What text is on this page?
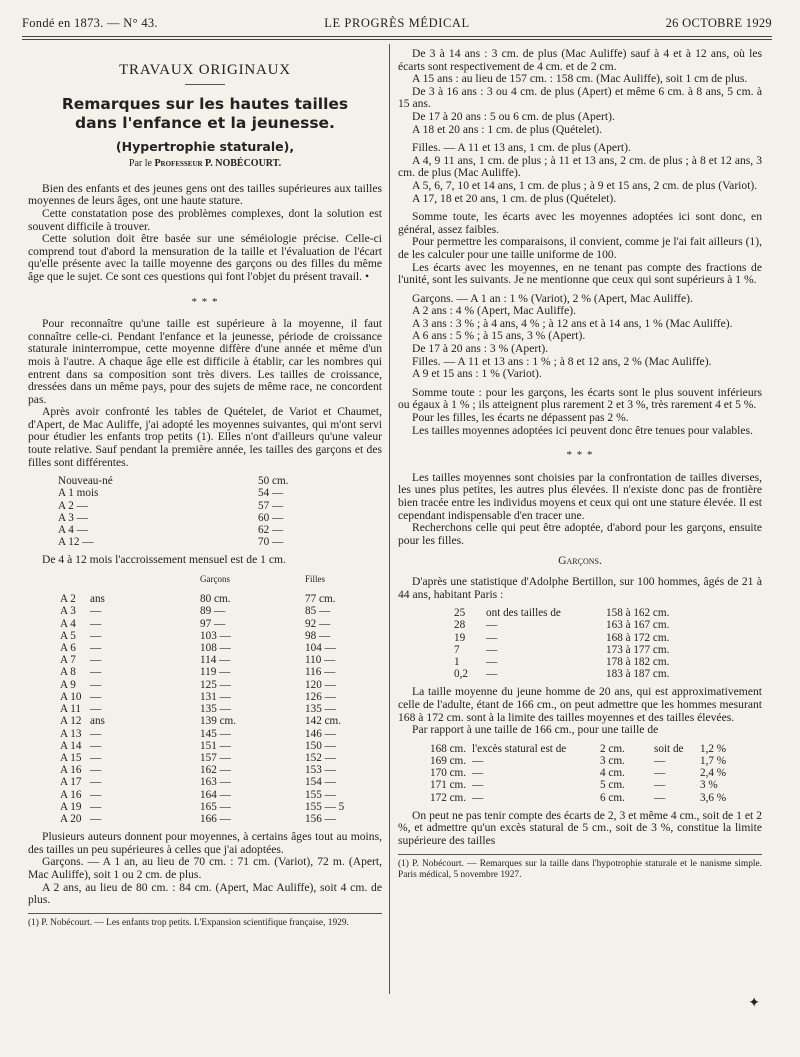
Fondé en 1873. — N° 43.	LE PROGRÈS MÉDICAL	26 OCTOBRE 1929
TRAVAUX ORIGINAUX
Remarques sur les hautes tailles
dans l'enfance et la jeunesse.
(Hypertrophie staturale),
Par le Professeur P. NOBÉCOURT.

Bien des enfants et des jeunes gens ont des tailles supérieures aux tailles moyennes de leurs âges, ont une haute stature.

Cette constatation pose des problèmes complexes, dont la solution est souvent difficile à trouver.

Cette solution doit être basée sur une séméiologie précise. Celle-ci comprend tout d'abord la mensuration de la taille et l'évaluation de l'écart qu'elle présente avec la taille moyenne des garçons ou des filles du même âge que le sujet. Ce sont ces questions qui font l'objet du présent travail. •

* * *

Pour reconnaître qu'une taille est supérieure à la moyenne, il faut connaître celle-ci. Pendant l'enfance et la jeunesse, période de croissance staturale ininterrompue, cette moyenne diffère d'une année et même d'un mois à l'autre. A chaque âge elle est difficile à établir, car les nombres qui entrent dans sa composition sont très divers. Les tailles de croissance, dressées dans un même pays, pour des sujets de même race, ne concordent pas.

Après avoir confronté les tables de Quételet, de Variot et Chaumet, d'Apert, de Mac Auliffe, j'ai adopté les moyennes suivantes, qui m'ont servi pour étudier les enfants trop petits (1). Elles n'ont d'ailleurs qu'une valeur toute relative. Sauf pendant la première année, les tailles des garçons et des filles sont différentes.

Nouveau-né	50 cm.
A 1 mois	54 —
A 2 —	57 —
A 3 —	60 —
A 4 —	62 —
A 12 —	70 —

De 4 à 12 mois l'accroissement mensuel est de 1 cm.

		Garçons	Filles
A 2	ans	80 cm.	77 cm.
A 3	—	89 —	85 —
A 4	—	97 —	92 —
A 5	—	103 —	98 —
A 6	—	108 —	104 —
A 7	—	114 —	110 —
A 8	—	119 —	116 —
A 9	—	125 —	120 —
A 10	—	131 —	126 —
A 11	—	135 —	135 —
A 12	ans	139 cm.	142 cm.
A 13	—	145 —	146 —
A 14	—	151 —	150 —
A 15	—	157 —	152 —
A 16	—	162 —	153 —
A 17	—	163 —	154 —
A 16	—	164 —	155 —
A 19	—	165 —	155 — 5
A 20	—	166 —	156 —

Plusieurs auteurs donnent pour moyennes, à certains âges tout au moins, des tailles un peu supérieures à celles que j'ai adoptées.

Garçons. — A 1 an, au lieu de 70 cm. : 71 cm. (Variot), 72 m. (Apert, Mac Auliffe), soit 1 ou 2 cm. de plus.

A 2 ans, au lieu de 80 cm. : 84 cm. (Apert, Mac Auliffe), soit 4 cm. de plus.

(1) P. Nobécourt. — Les enfants trop petits. L'Expansion scientifique française, 1929.

De 3 à 14 ans : 3 cm. de plus (Mac Auliffe) sauf à 4 et à 12 ans, où les écarts sont respectivement de 4 cm. et de 2 cm.

A 15 ans : au lieu de 157 cm. : 158 cm. (Mac Auliffe), soit 1 cm de plus.

De 3 à 16 ans : 3 ou 4 cm. de plus (Apert) et même 6 cm. à 8 ans, 5 cm. à 15 ans.

De 17 à 20 ans : 5 ou 6 cm. de plus (Apert).

A 18 et 20 ans : 1 cm. de plus (Quételet).

Filles. — A 11 et 13 ans, 1 cm. de plus (Apert).

A 4, 9 11 ans, 1 cm. de plus ; à 11 et 13 ans, 2 cm. de plus ; à 8 et 12 ans, 3 cm. de plus (Mac Auliffe).

A 5, 6, 7, 10 et 14 ans, 1 cm. de plus ; à 9 et 15 ans, 2 cm. de plus (Variot).

A 17, 18 et 20 ans, 1 cm. de plus (Quételet).

Somme toute, les écarts avec les moyennes adoptées ici sont donc, en général, assez faibles.

Pour permettre les comparaisons, il convient, comme je l'ai fait ailleurs (1), de les calculer pour une taille uniforme de 100.

Les écarts avec les moyennes, en ne tenant pas compte des fractions de l'unité, sont les suivants. Je ne mentionne que ceux qui sont supérieurs à 1 %.

Garçons. — A 1 an : 1 % (Variot), 2 % (Apert, Mac Auliffe).

A 2 ans : 4 % (Apert, Mac Auliffe).

A 3 ans : 3 % ; à 4 ans, 4 % ; à 12 ans et à 14 ans, 1 % (Mac Auliffe).

A 6 ans : 5 % ; à 15 ans, 3 % (Apert).

De 17 à 20 ans : 3 % (Apert).

Filles. — A 11 et 13 ans : 1 % ; à 8 et 12 ans, 2 % (Mac Auliffe).

A 9 et 15 ans : 1 % (Variot).

Somme toute : pour les garçons, les écarts sont le plus souvent inférieurs ou égaux à 1 % ; ils atteignent plus rarement 2 et 3 %, très rarement 4 et 5 %.

Pour les filles, les écarts ne dépassent pas 2 %.

Les tailles moyennes adoptées ici peuvent donc être tenues pour valables.

* * *

Les tailles moyennes sont choisies par la confrontation de tailles diverses, les unes plus petites, les autres plus élevées. Il n'existe donc pas de frontière bien tracée entre les individus moyens et ceux qui ont une stature élevée. Il est cependant indispensable d'en tracer une.

Recherchons celle qui peut être adoptée, d'abord pour les garçons, ensuite pour les filles.

Garçons.

D'après une statistique d'Adolphe Bertillon, sur 100 hommes, âgés de 21 à 44 ans, habitant Paris :

25	ont des tailles de	158 à 162 cm.
28	—	163 à 167 cm.
19	—	168 à 172 cm.
7	—	173 à 177 cm.
1	—	178 à 182 cm.
0,2	—	183 à 187 cm.

La taille moyenne du jeune homme de 20 ans, qui est approximativement celle de l'adulte, étant de 166 cm., on peut admettre que les hommes mesurant 168 à 172 cm. sont à la limite des tailles moyennes et des tailles élevées.

Par rapport à une taille de 166 cm., pour une taille de

168 cm.	l'excès statural est de	2 cm.	soit de	1,2 %
169 cm.	—	3 cm.	—	1,7 %
170 cm.	—	4 cm.	—	2,4 %
171 cm.	—	5 cm.	—	3 %
172 cm.	—	6 cm.	—	3,6 %

On peut ne pas tenir compte des écarts de 2, 3 et même 4 cm., soit de 1 et 2 %, et admettre qu'un excès statural de 5 cm., soit de 3 %, constitue la limite supérieure des tailles

(1) P. Nobécourt. — Remarques sur la taille dans l'hypotrophie staturale et le nanisme simple. Paris médical, 5 novembre 1927.
✦
